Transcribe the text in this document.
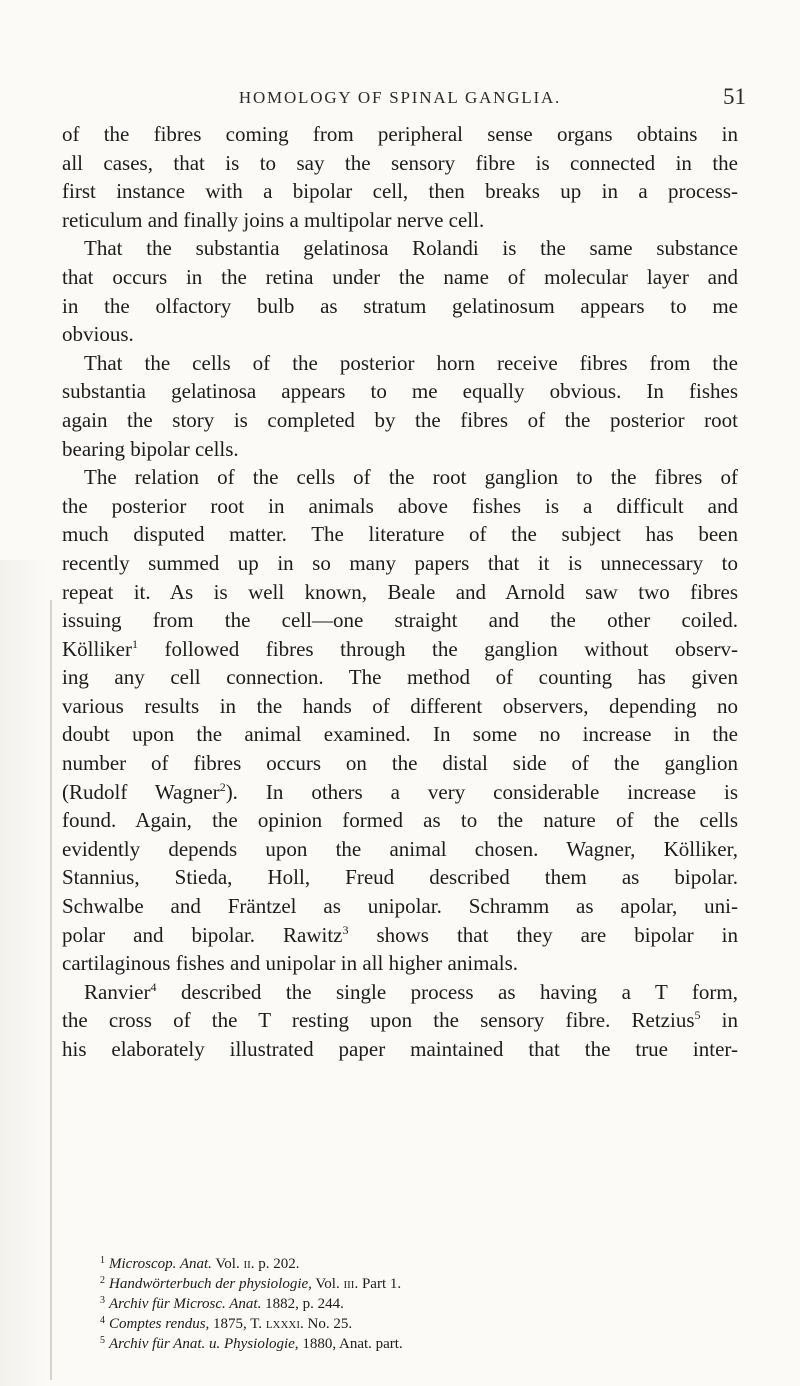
HOMOLOGY OF SPINAL GANGLIA.	51
of the fibres coming from peripheral sense organs obtains in
all cases, that is to say the sensory fibre is connected in the
first instance with a bipolar cell, then breaks up in a process-
reticulum and finally joins a multipolar nerve cell.
That the substantia gelatinosa Rolandi is the same substance
that occurs in the retina under the name of molecular layer and
in the olfactory bulb as stratum gelatinosum appears to me
obvious.
That the cells of the posterior horn receive fibres from the
substantia gelatinosa appears to me equally obvious. In fishes
again the story is completed by the fibres of the posterior root
bearing bipolar cells.
The relation of the cells of the root ganglion to the fibres of
the posterior root in animals above fishes is a difficult and
much disputed matter. The literature of the subject has been
recently summed up in so many papers that it is unnecessary to
repeat it. As is well known, Beale and Arnold saw two fibres
issuing from the cell—one straight and the other coiled.
Kölliker$^1$ followed fibres through the ganglion without observ-
ing any cell connection. The method of counting has given
various results in the hands of different observers, depending no
doubt upon the animal examined. In some no increase in the
number of fibres occurs on the distal side of the ganglion
(Rudolf Wagner$^2$). In others a very considerable increase is
found. Again, the opinion formed as to the nature of the cells
evidently depends upon the animal chosen. Wagner, Kölliker,
Stannius, Stieda, Holl, Freud described them as bipolar.
Schwalbe and Fräntzel as unipolar. Schramm as apolar, uni-
polar and bipolar. Rawitz$^3$ shows that they are bipolar in
cartilaginous fishes and unipolar in all higher animals.
Ranvier$^4$ described the single process as having a T form,
the cross of the T resting upon the sensory fibre. Retzius$^5$ in
his elaborately illustrated paper maintained that the true inter-
$^1$ Microscop. Anat. Vol. ii. p. 202.
$^2$ Handwörterbuch der physiologie, Vol. iii. Part 1.
$^3$ Archiv für Microsc. Anat. 1882, p. 244.
$^4$ Comptes rendus, 1875, T. lxxxi. No. 25.
$^5$ Archiv für Anat. u. Physiologie, 1880, Anat. part.
